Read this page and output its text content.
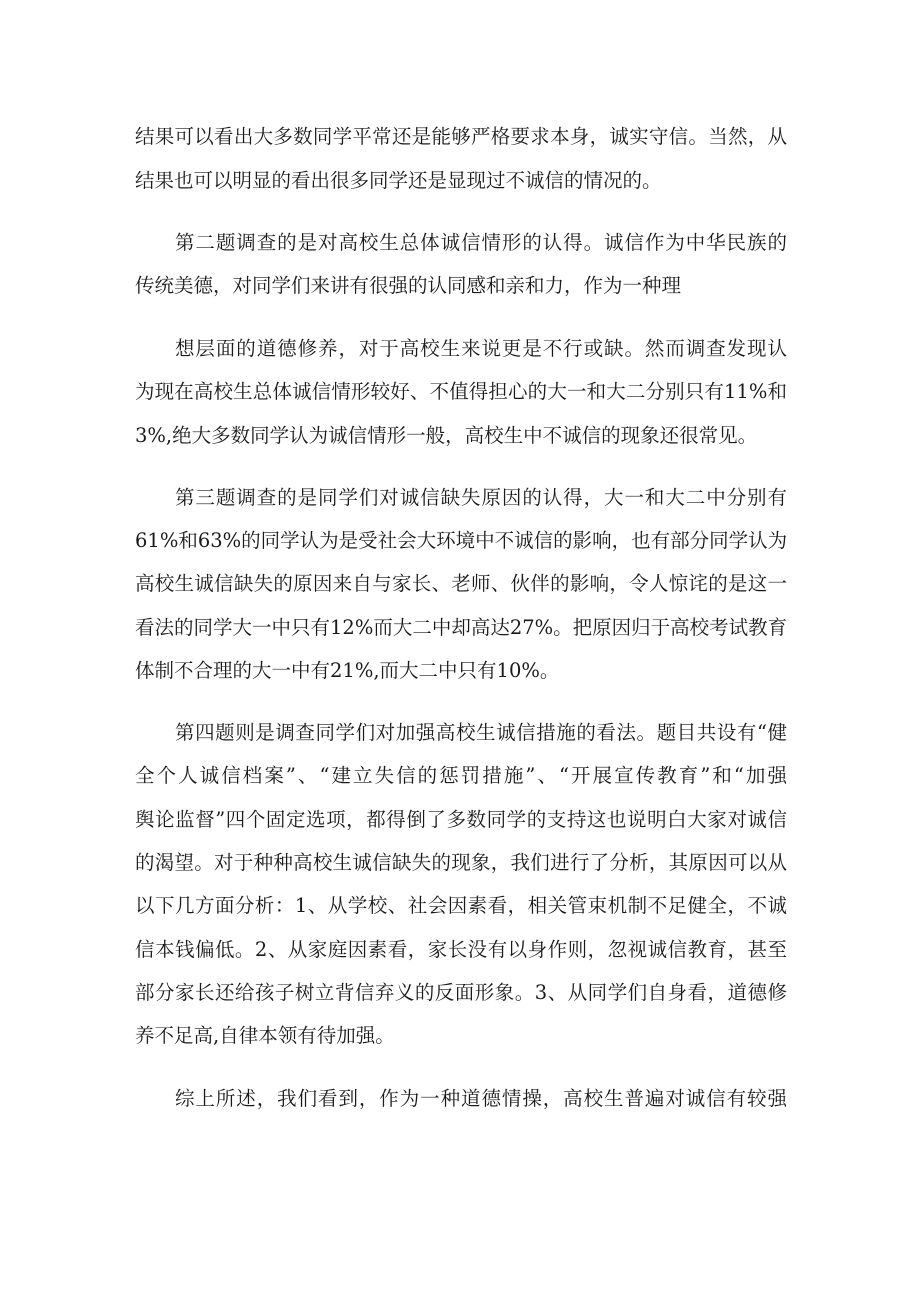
结果可以看出大多数同学平常还是能够严格要求本身，诚实守信。当然，从
结果也可以明显的看出很多同学还是显现过不诚信的情况的。
第二题调查的是对高校生总体诚信情形的认得。诚信作为中华民族的
传统美德，对同学们来讲有很强的认同感和亲和力，作为一种理
想层面的道德修养，对于高校生来说更是不行或缺。然而调查发现认
为现在高校生总体诚信情形较好、不值得担心的大一和大二分别只有11%和
3%,绝大多数同学认为诚信情形一般，高校生中不诚信的现象还很常见。
第三题调查的是同学们对诚信缺失原因的认得，大一和大二中分别有
61%和63%的同学认为是受社会大环境中不诚信的影响，也有部分同学认为
高校生诚信缺失的原因来自与家长、老师、伙伴的影响，令人惊诧的是这一
看法的同学大一中只有12%而大二中却高达27%。把原因归于高校考试教育
体制不合理的大一中有21%,而大二中只有10%。
第四题则是调查同学们对加强高校生诚信措施的看法。题目共设有“健
全个人诚信档案”、“建立失信的惩罚措施”、“开展宣传教育”和“加强
舆论监督”四个固定选项，都得倒了多数同学的支持这也说明白大家对诚信
的渴望。对于种种高校生诚信缺失的现象，我们进行了分析，其原因可以从
以下几方面分析：1、从学校、社会因素看，相关管束机制不足健全，不诚
信本钱偏低。2、从家庭因素看，家长没有以身作则，忽视诚信教育，甚至
部分家长还给孩子树立背信弃义的反面形象。3、从同学们自身看，道德修
养不足高,自律本领有待加强。
综上所述，我们看到，作为一种道德情操，高校生普遍对诚信有较强
